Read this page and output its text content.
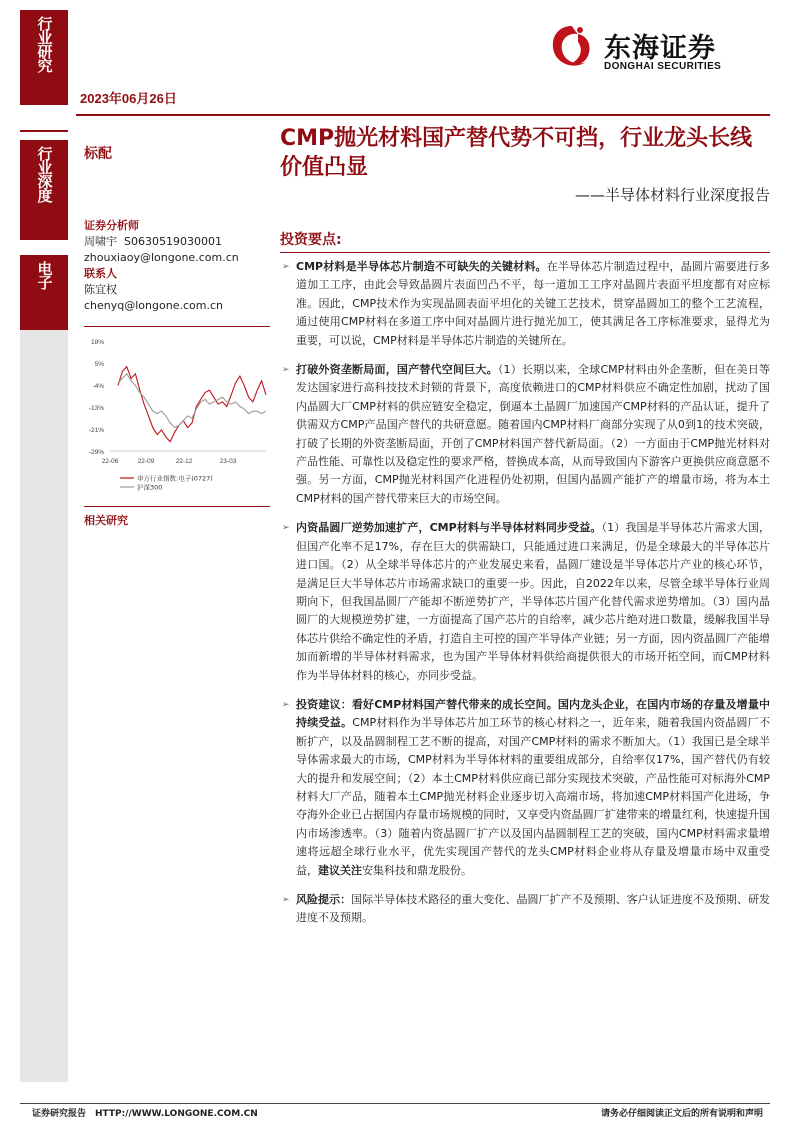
行业研究
行业深度
电子
2023年06月26日
东海证券
DONGHAI SECURITIES
标配
CMP抛光材料国产替代势不可挡，行业龙头长线价值凸显
——半导体材料行业深度报告
证券分析师
周啸宇 S0630519030001
zhouxiaoy@longone.com.cn
联系人
陈宜权
chenyq@longone.com.cn
18%
5%
-4%
-13%
-21%
-29%
22-06	22-09	22-12	23-03
申万行业指数:电子(0727)
沪深300
相关研究
投资要点:
➢ CMP材料是半导体芯片制造不可缺失的关键材料。在半导体芯片制造过程中，晶圆片需要进行多道加工工序，由此会导致晶圆片表面凹凸不平，每一道加工工序对晶圆片表面平坦度都有对应标准。因此，CMP技术作为实现晶圆表面平坦化的关键工艺技术，贯穿晶圆加工的整个工艺流程，通过使用CMP材料在多道工序中间对晶圆片进行抛光加工，使其满足各工序标准要求，显得尤为重要，可以说，CMP材料是半导体芯片制造的关键所在。
➢ 打破外资垄断局面，国产替代空间巨大。（1）长期以来，全球CMP材料由外企垄断，但在美日等发达国家进行高科技技术封锁的背景下，高度依赖进口的CMP材料供应不确定性加剧，扰动了国内晶圆大厂CMP材料的供应链安全稳定，倒逼本土晶圆厂加速国产CMP材料的产品认证，提升了供需双方CMP产品国产替代的共研意愿。随着国内CMP材料厂商部分实现了从0到1的技术突破，打破了长期的外资垄断局面，开创了CMP材料国产替代新局面。（2）一方面由于CMP抛光材料对产品性能、可靠性以及稳定性的要求严格，替换成本高，从而导致国内下游客户更换供应商意愿不强。另一方面，CMP抛光材料国产化进程仍处初期，但国内晶圆产能扩产的增量市场，将为本土CMP材料的国产替代带来巨大的市场空间。
➢ 内资晶圆厂逆势加速扩产，CMP材料与半导体材料同步受益。（1）我国是半导体芯片需求大国，但国产化率不足17%，存在巨大的供需缺口，只能通过进口来满足，仍是全球最大的半导体芯片进口国。（2）从全球半导体芯片的产业发展史来看，晶圆厂建设是半导体芯片产业的核心环节，是满足巨大半导体芯片市场需求缺口的重要一步。因此，自2022年以来，尽管全球半导体行业周期向下，但我国晶圆厂产能却不断逆势扩产，半导体芯片国产化替代需求逆势增加。（3）国内晶圆厂的大规模逆势扩建，一方面提高了国产芯片的自给率，减少芯片绝对进口数量，缓解我国半导体芯片供给不确定性的矛盾，打造自主可控的国产半导体产业链；另一方面，因内资晶圆厂产能增加而新增的半导体材料需求，也为国产半导体材料供给商提供很大的市场开拓空间，而CMP材料作为半导体材料的核心，亦同步受益。
➢ 投资建议：看好CMP材料国产替代带来的成长空间。国内龙头企业，在国内市场的存量及增量中持续受益。CMP材料作为半导体芯片加工环节的核心材料之一，近年来，随着我国内资晶圆厂不断扩产，以及晶圆制程工艺不断的提高，对国产CMP材料的需求不断加大。（1）我国已是全球半导体需求最大的市场，CMP材料为半导体材料的重要组成部分，自给率仅17%，国产替代仍有较大的提升和发展空间；（2）本土CMP材料供应商已部分实现技术突破，产品性能可对标海外CMP材料大厂产品，随着本土CMP抛光材料企业逐步切入高端市场，将加速CMP材料国产化进场，争夺海外企业已占据国内存量市场规模的同时，又享受内资晶圆厂扩建带来的增量红利，快速提升国内市场渗透率。（3）随着内资晶圆厂扩产以及国内晶圆制程工艺的突破，国内CMP材料需求量增速将远超全球行业水平，优先实现国产替代的龙头CMP材料企业将从存量及增量市场中双重受益，建议关注安集科技和鼎龙股份。
➢ 风险提示：国际半导体技术路径的重大变化、晶圆厂扩产不及预期、客户认证进度不及预期、研发进度不及预期。
证券研究报告　HTTP://WWW.LONGONE.COM.CN	请务必仔细阅读正文后的所有说明和声明
